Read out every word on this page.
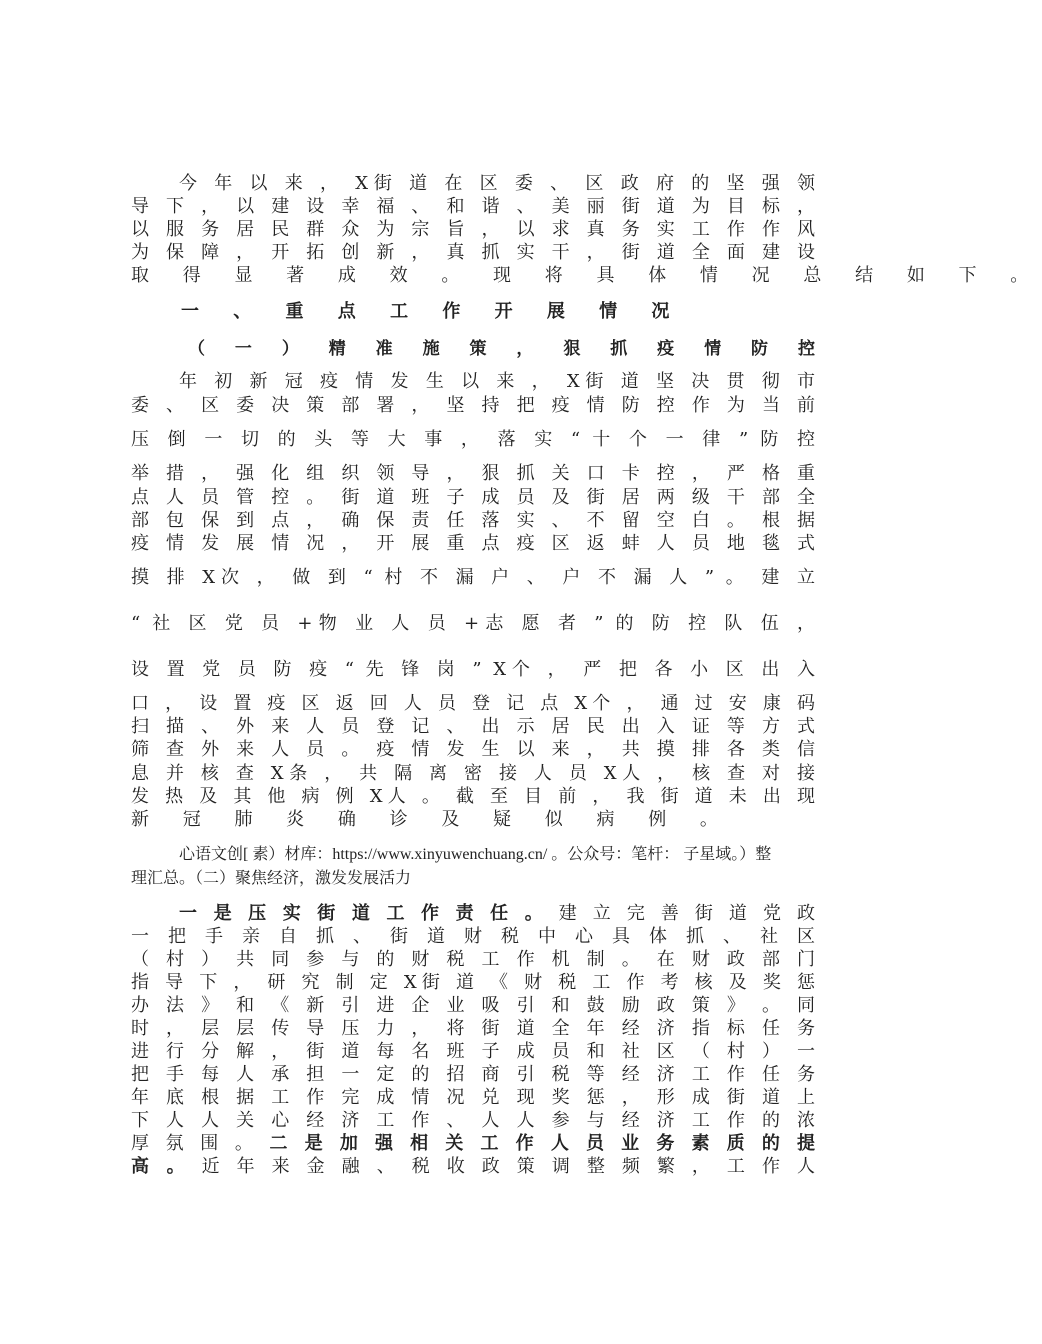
今 年 以 来 ， X街 道 在 区 委 、 区 政 府 的 坚 强 领
导 下 ， 以 建 设 幸 福 、 和 谐 、 美 丽 街 道 为 目 标 ，
以 服 务 居 民 群 众 为 宗 旨 ， 以 求 真 务 实 工 作 作 风
为 保 障 ， 开 拓 创 新 ， 真 抓 实 干 ， 街 道 全 面 建 设
取 得 显 著 成 效 。 现 将 具 体 情 况 总 结 如 下 。
一 、 重 点 工 作 开 展 情 况
（ 一 ） 精 准 施 策 ， 狠 抓 疫 情 防 控
年 初 新 冠 疫 情 发 生 以 来 ， X街 道 坚 决 贯 彻 市
委 、 区 委 决 策 部 署 ， 坚 持 把 疫 情 防 控 作 为 当 前
压 倒 一 切 的 头 等 大 事 ， 落 实 “ 十 个 一 律 ” 防 控
举 措 ， 强 化 组 织 领 导 ， 狠 抓 关 口 卡 控 ， 严 格 重
点 人 员 管 控 。 街 道 班 子 成 员 及 街 居 两 级 干 部 全
部 包 保 到 点 ， 确 保 责 任 落 实 、 不 留 空 白 。 根 据
疫 情 发 展 情 况 ， 开 展 重 点 疫 区 返 蚌 人 员 地 毯 式
摸 排 X次 ， 做 到 “ 村 不 漏 户 、 户 不 漏 人 ” 。 建 立
“ 社 区 党 员 +物 业 人 员 +志 愿 者 ” 的 防 控 队 伍 ，
设 置 党 员 防 疫 “ 先 锋 岗 ” X个 ， 严 把 各 小 区 出 入
口 ， 设 置 疫 区 返 回 人 员 登 记 点 X个 ， 通 过 安 康 码
扫 描 、 外 来 人 员 登 记 、 出 示 居 民 出 入 证 等 方 式
筛 查 外 来 人 员 。 疫 情 发 生 以 来 ， 共 摸 排 各 类 信
息 并 核 查 X条 ， 共 隔 离 密 接 人 员 X人 ， 核 查 对 接
发 热 及 其 他 病 例 X人 。 截 至 目 前 ， 我 街 道 未 出 现
新 冠 肺 炎 确 诊 及 疑 似 病 例 。
心语文创[ 素）材库：https://www.xinyuwenchuang.cn/ 。公众号：笔杆： 子星域。）整
理汇总。（二）聚焦经济，激发发展活力
一 是 压 实 街 道 工 作 责 任 。 建 立 完 善 街 道 党 政
一 把 手 亲 自 抓 、 街 道 财 税 中 心 具 体 抓 、 社 区
（ 村 ） 共 同 参 与 的 财 税 工 作 机 制 。 在 财 政 部 门
指 导 下 ， 研 究 制 定 X街 道 《 财 税 工 作 考 核 及 奖 惩
办 法 》 和 《 新 引 进 企 业 吸 引 和 鼓 励 政 策 》 。 同
时 ， 层 层 传 导 压 力 ， 将 街 道 全 年 经 济 指 标 任 务
进 行 分 解 ， 街 道 每 名 班 子 成 员 和 社 区 （ 村 ） 一
把 手 每 人 承 担 一 定 的 招 商 引 税 等 经 济 工 作 任 务
年 底 根 据 工 作 完 成 情 况 兑 现 奖 惩 ， 形 成 街 道 上
下 人 人 关 心 经 济 工 作 、 人 人 参 与 经 济 工 作 的 浓
厚 氛 围 。 二 是 加 强 相 关 工 作 人 员 业 务 素 质 的 提
高 。 近 年 来 金 融 、 税 收 政 策 调 整 频 繁 ， 工 作 人
